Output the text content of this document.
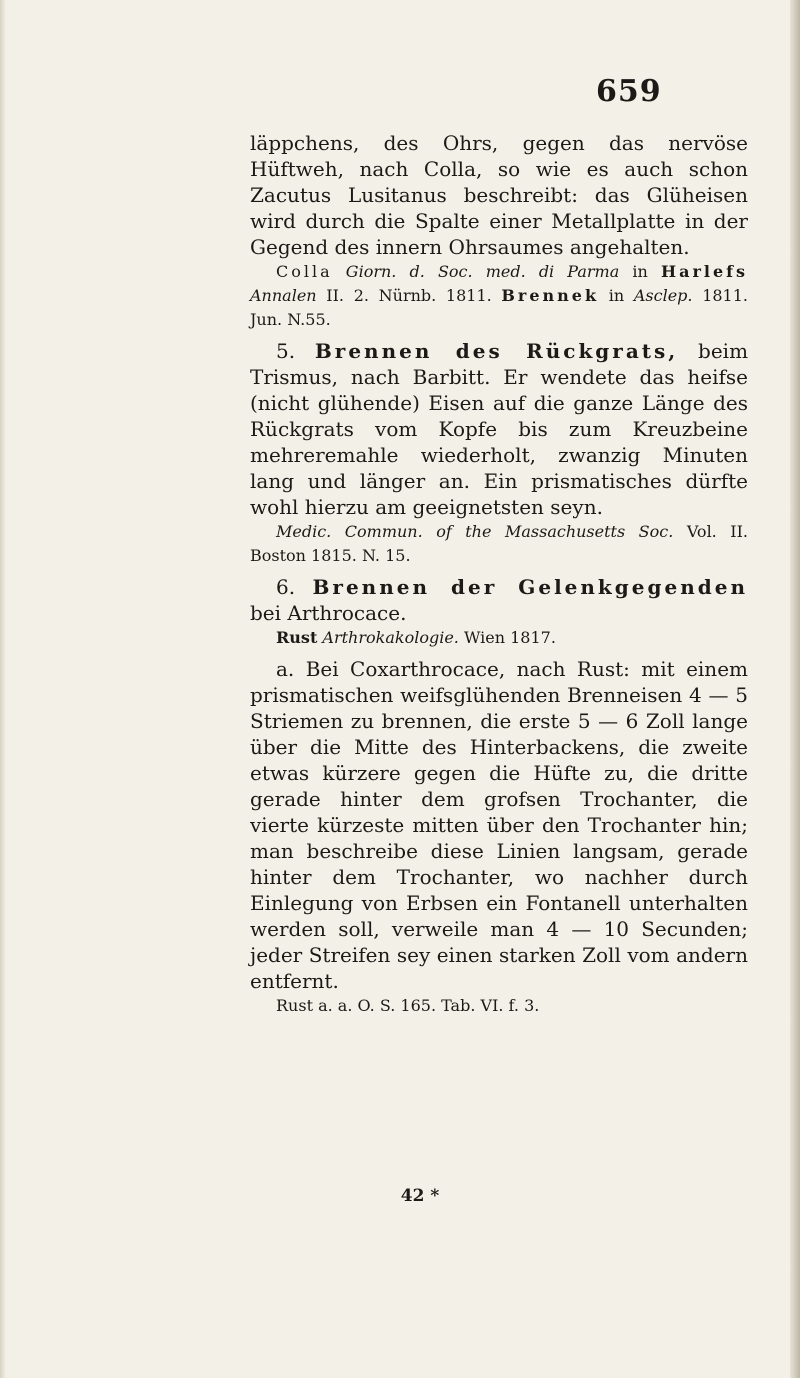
659

läppchens, des Ohrs, gegen das nervöse Hüftweh, nach Colla, so wie es auch schon Zacutus Lusitanus beschreibt: das Glüheisen wird durch die Spalte einer Metallplatte in der Gegend des innern Ohrsaumes angehalten.

Colla Giorn. d. Soc. med. di Parma in Harlefs Annalen II. 2. Nürnb. 1811. Brennek in Asclep. 1811. Jun. N.55.

5. Brennen des Rückgrats, beim Trismus, nach Barbitt. Er wendete das heifse (nicht glühende) Eisen auf die ganze Länge des Rückgrats vom Kopfe bis zum Kreuzbeine mehreremahle wiederholt, zwanzig Minuten lang und länger an. Ein prismatisches dürfte wohl hierzu am geeignetsten seyn.

Medic. Commun. of the Massachusetts Soc. Vol. II. Boston 1815. N. 15.

6. Brennen der Gelenkgegenden bei Arthrocace.

Rust Arthrokakologie. Wien 1817.

a. Bei Coxarthrocace, nach Rust: mit einem prismatischen weifsglühenden Brenneisen 4 — 5 Striemen zu brennen, die erste 5 — 6 Zoll lange über die Mitte des Hinterbackens, die zweite etwas kürzere gegen die Hüfte zu, die dritte gerade hinter dem grofsen Trochanter, die vierte kürzeste mitten über den Trochanter hin; man beschreibe diese Linien langsam, gerade hinter dem Trochanter, wo nachher durch Einlegung von Erbsen ein Fontanell unterhalten werden soll, verweile man 4 — 10 Secunden; jeder Streifen sey einen starken Zoll vom andern entfernt.

Rust a. a. O. S. 165. Tab. VI. f. 3.

42 *
